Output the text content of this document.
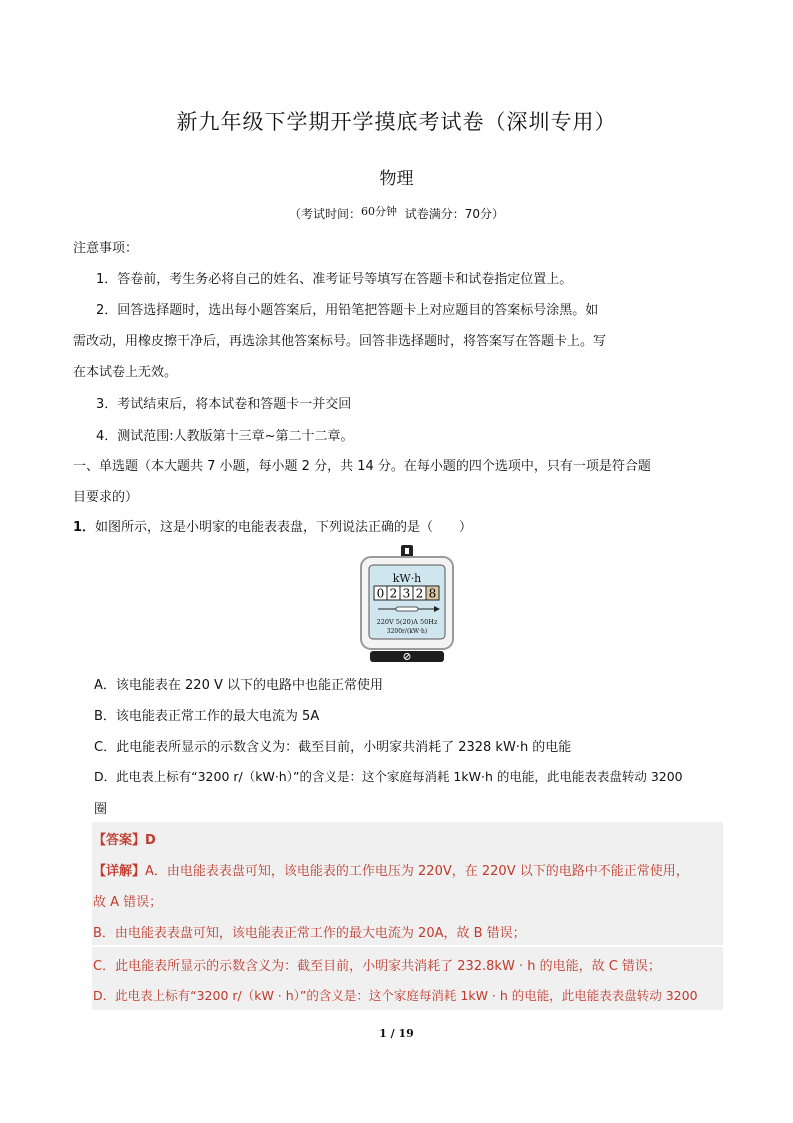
新九年级下学期开学摸底考试卷（深圳专用）
物理
（考试时间：60分钟 试卷满分：70分）
注意事项：
1．答卷前，考生务必将自己的姓名、准考证号等填写在答题卡和试卷指定位置上。
2．回答选择题时，选出每小题答案后，用铅笔把答题卡上对应题目的答案标号涂黑。如
需改动，用橡皮擦干净后，再选涂其他答案标号。回答非选择题时，将答案写在答题卡上。写
在本试卷上无效。
3．考试结束后，将本试卷和答题卡一并交回
4．测试范围:人教版第十三章~第二十二章。
一、单选题（本大题共 7 小题，每小题 2 分，共 14 分。在每小题的四个选项中，只有一项是符合题
目要求的）
1．如图所示，这是小明家的电能表表盘，下列说法正确的是（　　）
kW·h
0 2 3 2 8
220V 5(20)A 50Hz
3200r/(kW·h)
A．该电能表在 220 V 以下的电路中也能正常使用
B．该电能表正常工作的最大电流为 5A
C．此电能表所显示的示数含义为：截至目前，小明家共消耗了 2328 kW·h 的电能
D．此电表上标有“3200 r/（kW·h）”的含义是：这个家庭每消耗 1kW·h 的电能，此电能表表盘转动 3200
圈
【答案】D
【详解】A．由电能表表盘可知，该电能表的工作电压为 220V，在 220V 以下的电路中不能正常使用，
故 A 错误；
B．由电能表表盘可知，该电能表正常工作的最大电流为 20A，故 B 错误；
C．此电能表所显示的示数含义为：截至目前，小明家共消耗了 232.8kW · h 的电能，故 C 错误；
D．此电表上标有“3200 r/（kW · h）”的含义是：这个家庭每消耗 1kW · h 的电能，此电能表表盘转动 3200
1 / 19
